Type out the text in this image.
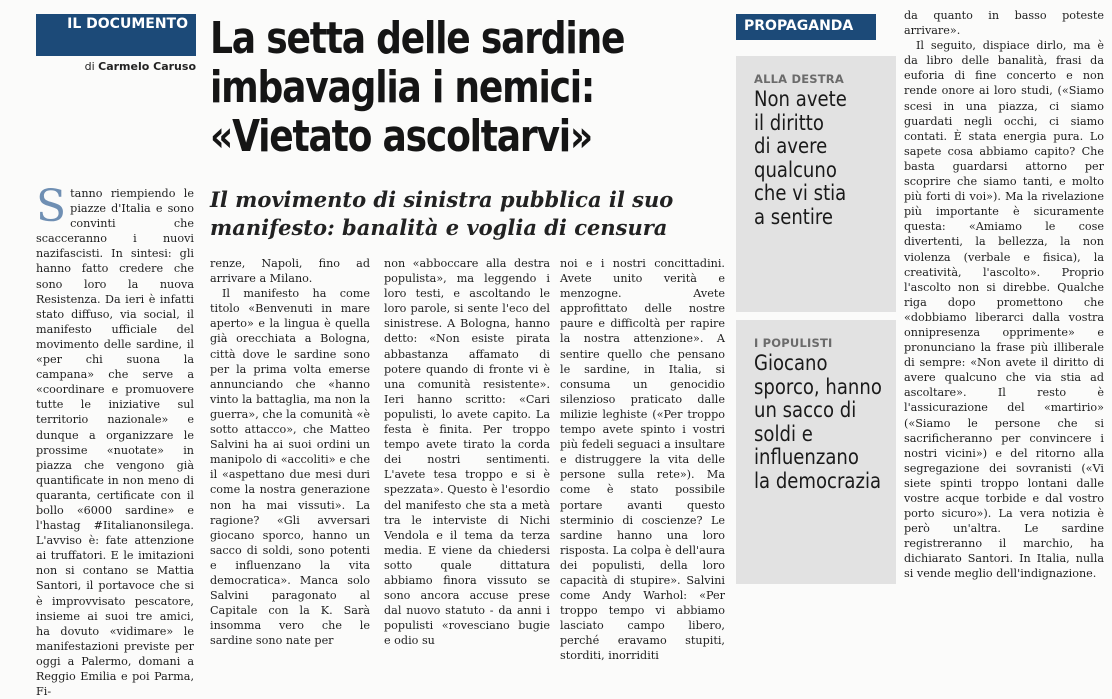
IL DOCUMENTO
di Carmelo Caruso
La setta delle sardine
imbavaglia i nemici:
«Vietato ascoltarvi»
Il movimento di sinistra pubblica il suo manifesto: banalità e voglia di censura
S tanno riempiendo le piazze d'Italia e sono convinti che scacceranno i nuovi nazifascisti. In sintesi: gli hanno fatto credere che sono loro la nuova Resistenza. Da ieri è infatti stato diffuso, via social, il manifesto ufficiale del movimento delle sardine, il «per chi suona la campana» che serve a «coordinare e promuovere tutte le iniziative sul territorio nazionale» e dunque a organizzare le prossime «nuotate» in piazza che vengono già quantificate in non meno di quaranta, certificate con il bollo «6000 sardine» e l'hastag #Iitalianonsilega. L'avviso è: fate attenzione ai truffatori. E le imitazioni non si contano se Mattia Santori, il portavoce che si è improvvisato pescatore, insieme ai suoi tre amici, ha dovuto «vidimare» le manifestazioni previste per oggi a Palermo, domani a Reggio Emilia e poi Parma, Fi-

renze, Napoli, fino ad arrivare a Milano.

Il manifesto ha come titolo «Benvenuti in mare aperto» e la lingua è quella già orecchiata a Bologna, città dove le sardine sono per la prima volta emerse annunciando che «hanno vinto la battaglia, ma non la guerra», che la comunità «è sotto attacco», che Matteo Salvini ha ai suoi ordini un manipolo di «accoliti» e che il «aspettano due mesi duri come la nostra generazione non ha mai vissuti». La ragione? «Gli avversari giocano sporco, hanno un sacco di soldi, sono potenti e influenzano la vita democratica». Manca solo Salvini paragonato al Capitale con la K. Sarà insomma vero che le sardine sono nate per

non «abboccare alla destra populista», ma leggendo i loro testi, e ascoltando le loro parole, si sente l'eco del sinistrese. A Bologna, hanno detto: «Non esiste pirata abbastanza affamato di potere quando di fronte vi è una comunità resistente». Ieri hanno scritto: «Cari populisti, lo avete capito. La festa è finita. Per troppo tempo avete tirato la corda dei nostri sentimenti. L'avete tesa troppo e si è spezzata». Questo è l'esordio del manifesto che sta a metà tra le interviste di Nichi Vendola e il tema da terza media. E viene da chiedersi sotto quale dittatura abbiamo finora vissuto se sono ancora accuse prese dal nuovo statuto - da anni i populisti «rovesciano bugie e odio su

noi e i nostri concittadini. Avete unito verità e menzogne. Avete approfittato delle nostre paure e difficoltà per rapire la nostra attenzione». A sentire quello che pensano le sardine, in Italia, si consuma un genocidio silenzioso praticato dalle milizie leghiste («Per troppo tempo avete spinto i vostri più fedeli seguaci a insultare e distruggere la vita delle persone sulla rete»). Ma come è stato possibile portare avanti questo sterminio di coscienze? Le sardine hanno una loro risposta. La colpa è dell'aura dei populisti, della loro capacità di stupire». Salvini come Andy Warhol: «Per troppo tempo vi abbiamo lasciato campo libero, perché eravamo stupiti, storditi, inorriditi

PROPAGANDA
ALLA DESTRA
Non avete
il diritto
di avere
qualcuno
che vi stia
a sentire
I POPULISTI
Giocano
sporco, hanno
un sacco di
soldi e
influenzano
la democrazia

da quanto in basso poteste arrivare».

Il seguito, dispiace dirlo, ma è da libro delle banalità, frasi da euforia di fine concerto e non rende onore ai loro studi, («Siamo scesi in una piazza, ci siamo guardati negli occhi, ci siamo contati. È stata energia pura. Lo sapete cosa abbiamo capito? Che basta guardarsi attorno per scoprire che siamo tanti, e molto più forti di voi»). Ma la rivelazione più importante è sicuramente questa: «Amiamo le cose divertenti, la bellezza, la non violenza (verbale e fisica), la creatività, l'ascolto». Proprio l'ascolto non si direbbe. Qualche riga dopo promettono che «dobbiamo liberarci dalla vostra onnipresenza opprimente» e pronunciano la frase più illiberale di sempre: «Non avete il diritto di avere qualcuno che via stia ad ascoltare». Il resto è l'assicurazione del «martirio» («Siamo le persone che si sacrificheranno per convincere i nostri vicini») e del ritorno alla segregazione dei sovranisti («Vi siete spinti troppo lontani dalle vostre acque torbide e dal vostro porto sicuro»). La vera notizia è però un'altra. Le sardine registreranno il marchio, ha dichiarato Santori. In Italia, nulla si vende meglio dell'indignazione.
